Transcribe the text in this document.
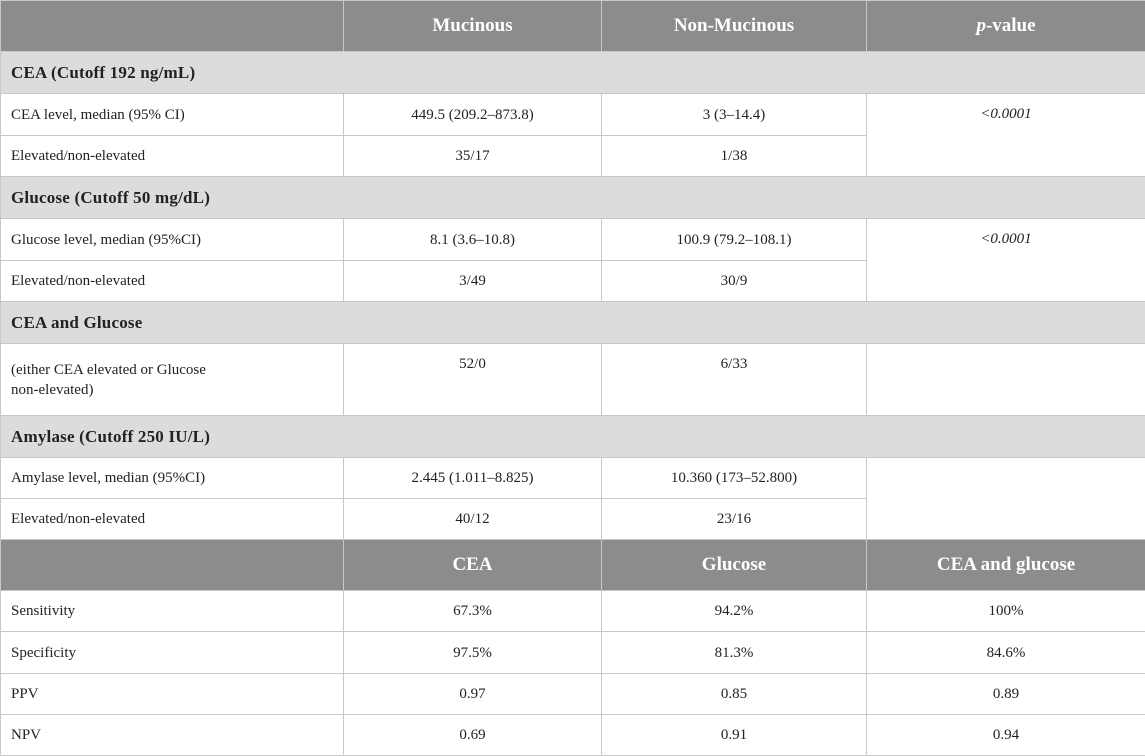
	Mucinous	Non-Mucinous	p-value
CEA (Cutoff 192 ng/mL)			
CEA level, median (95% CI)	449.5 (209.2–873.8)	3 (3–14.4)	<0.0001
Elevated/non-elevated	35/17	1/38	
Glucose (Cutoff 50 mg/dL)			
Glucose level, median (95%CI)	8.1 (3.6–10.8)	100.9 (79.2–108.1)	<0.0001
Elevated/non-elevated	3/49	30/9	
CEA and Glucose			
(either CEA elevated or Glucose
non-elevated)	52/0	6/33	
Amylase (Cutoff 250 IU/L)			
Amylase level, median (95%CI)	2.445 (1.011–8.825)	10.360 (173–52.800)	
Elevated/non-elevated	40/12	23/16	
	CEA	Glucose	CEA and glucose
Sensitivity	67.3%	94.2%	100%
Specificity	97.5%	81.3%	84.6%
PPV	0.97	0.85	0.89
NPV	0.69	0.91	0.94
